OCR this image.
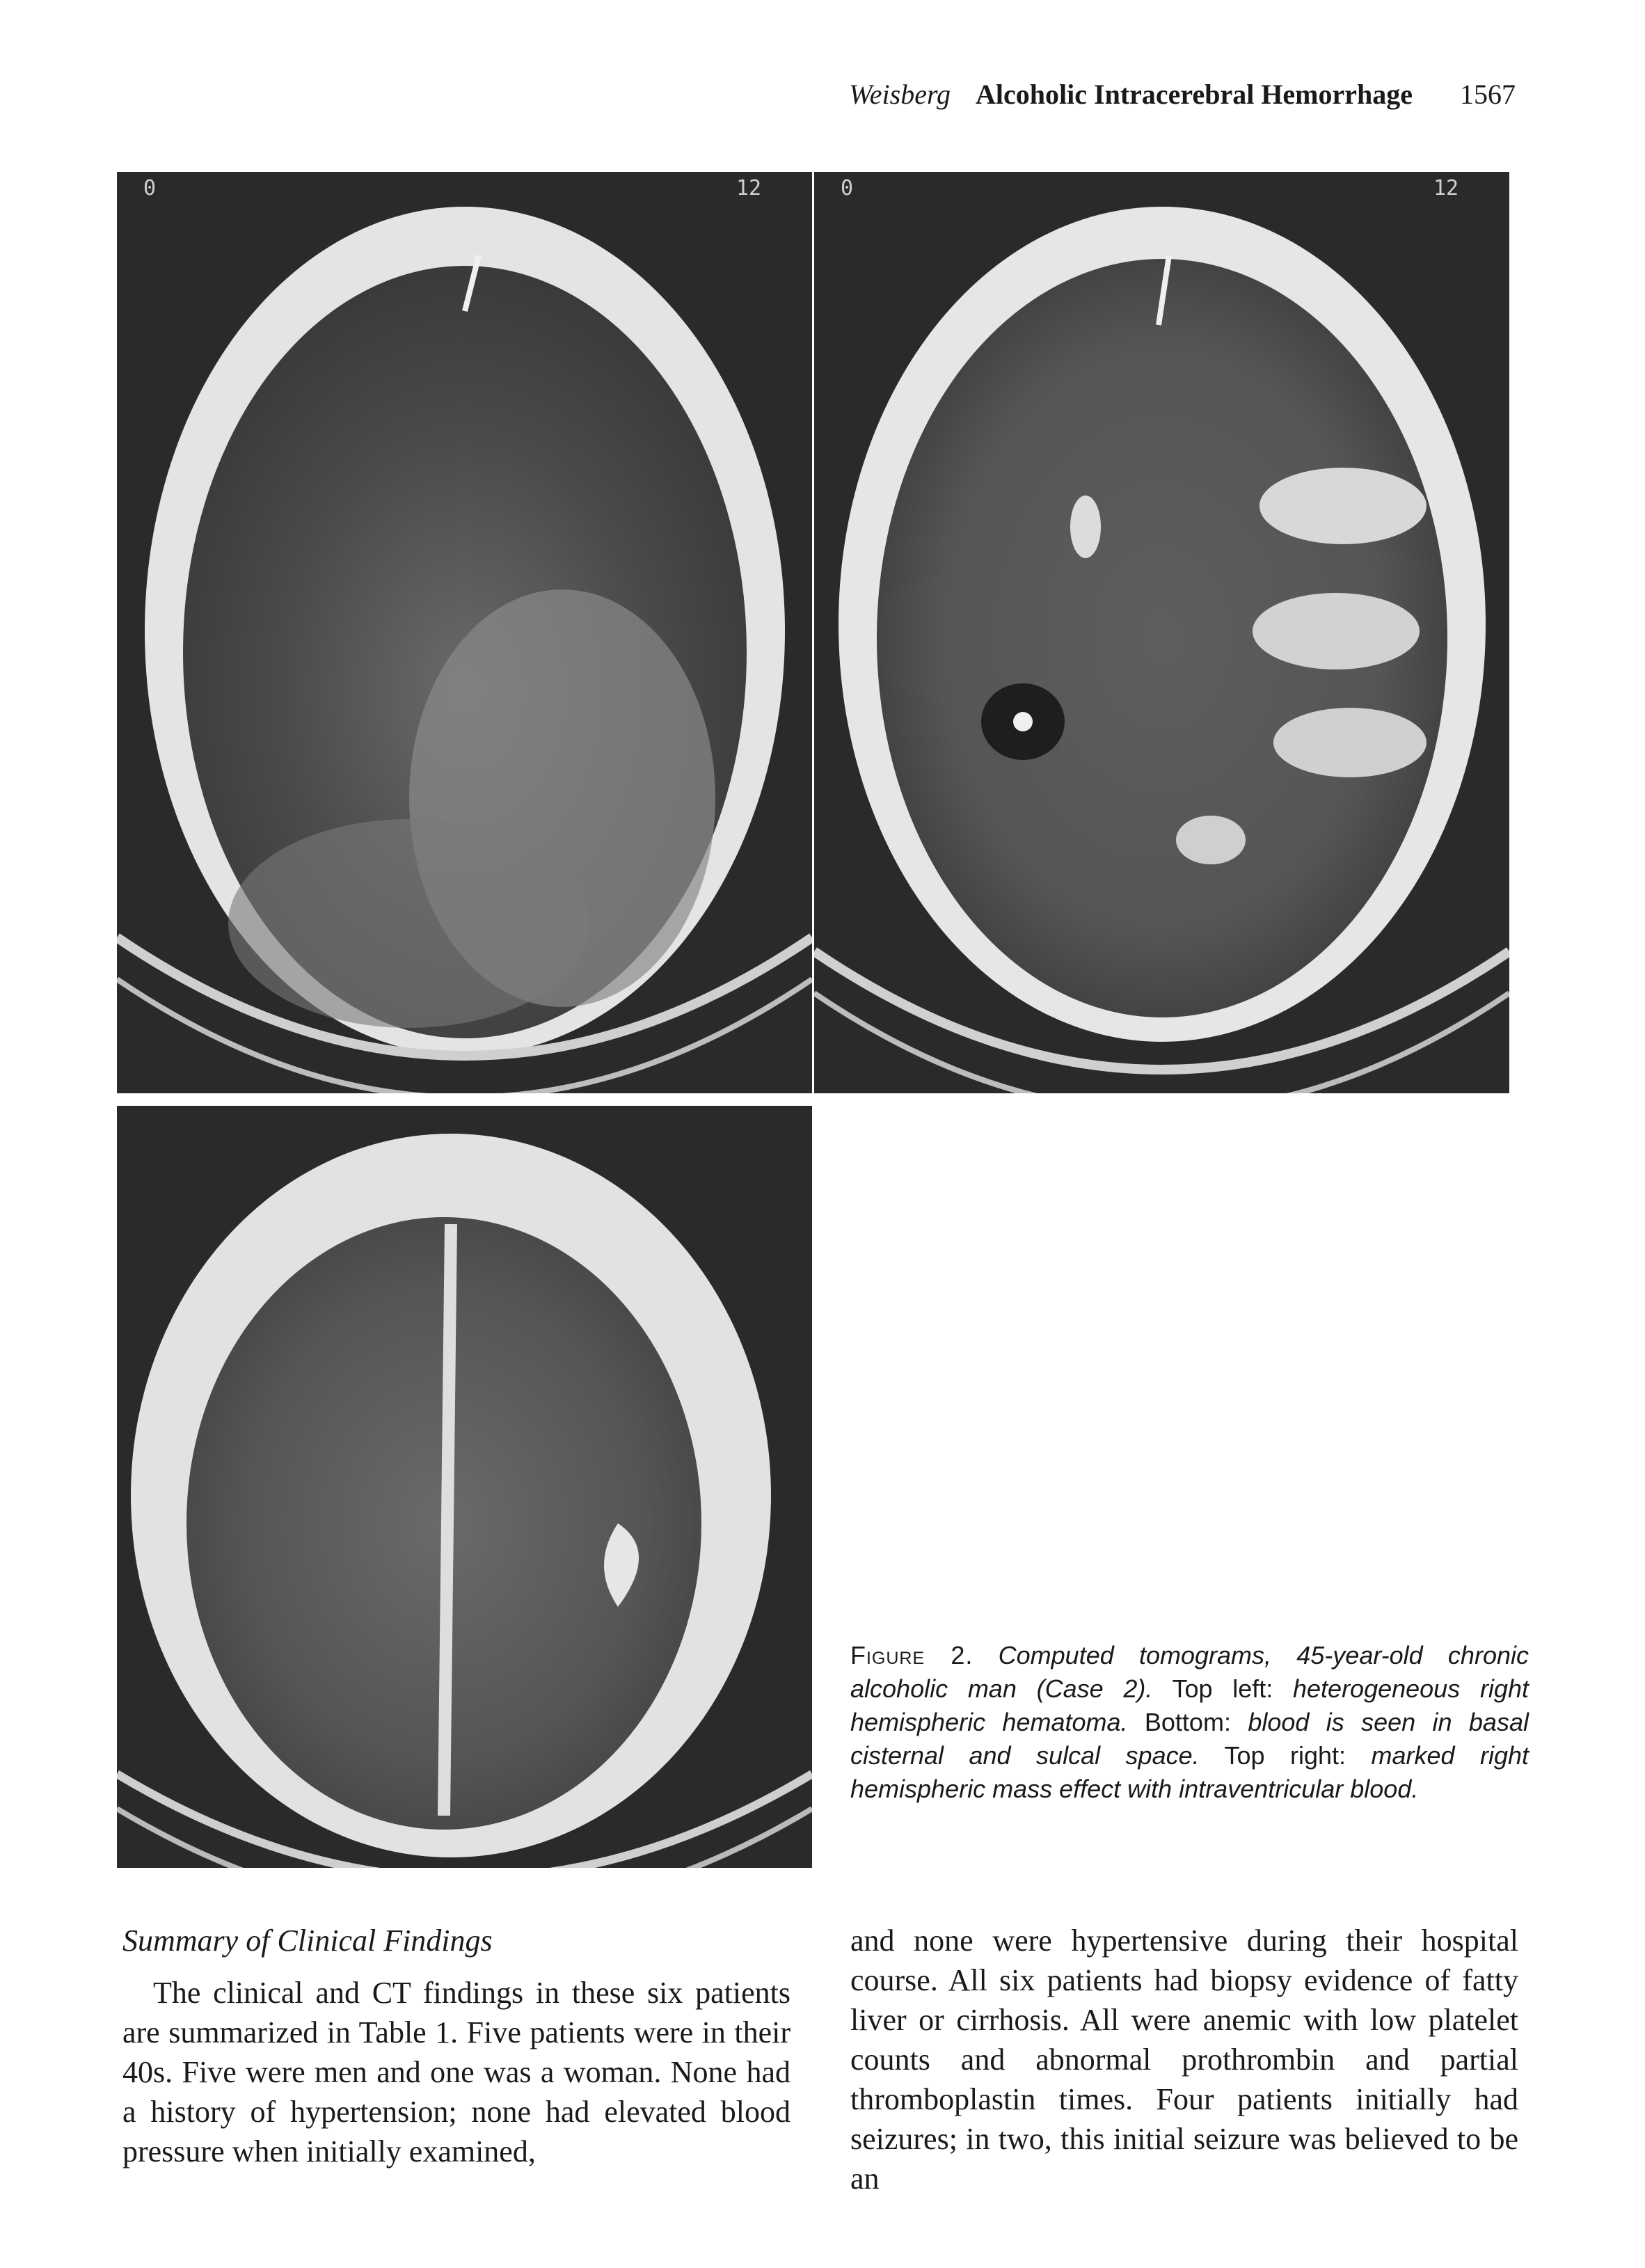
Weisberg Alcoholic Intracerebral Hemorrhage 1567
0	12	0	12
Figure 2. Computed tomograms, 45-year-old chronic alcoholic man (Case 2). Top left: heterogeneous right hemispheric hematoma. Bottom: blood is seen in basal cisternal and sulcal space. Top right: marked right hemispheric mass effect with intraventricular blood.

Summary of Clinical Findings

The clinical and CT findings in these six patients are summarized in Table 1. Five patients were in their 40s. Five were men and one was a woman. None had a history of hypertension; none had elevated blood pressure when initially examined,

and none were hypertensive during their hospital course. All six patients had biopsy evidence of fatty liver or cirrhosis. All were anemic with low platelet counts and abnormal prothrombin and partial thromboplastin times. Four patients initially had seizures; in two, this initial seizure was believed to be an
